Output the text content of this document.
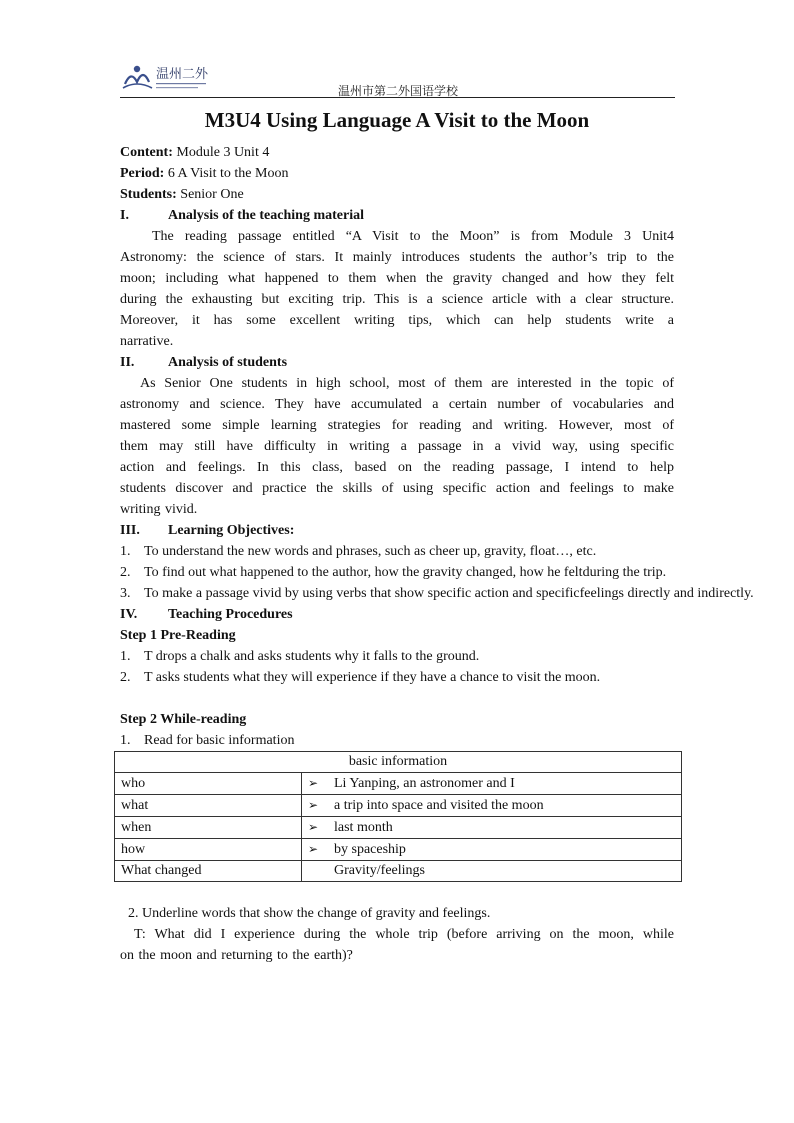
温州二外
温州市第二外国语学校
M3U4 Using Language A Visit to the Moon
Content: Module 3 Unit 4
Period: 6 A Visit to the Moon
Students: Senior One
I.	Analysis of the teaching material
The reading passage entitled “A Visit to the Moon” is from Module 3 Unit4
Astronomy: the science of stars. It mainly introduces students the author’s trip to the
moon; including what happened to them when the gravity changed and how they felt
during the exhausting but exciting trip. This is a science article with a clear structure.
Moreover, it has some excellent writing tips, which can help students write a
narrative.
II.	Analysis of students
As Senior One students in high school, most of them are interested in the topic of
astronomy and science. They have accumulated a certain number of vocabularies and
mastered some simple learning strategies for reading and writing. However, most of
them may still have difficulty in writing a passage in a vivid way, using specific
action and feelings. In this class, based on the reading passage, I intend to help
students discover and practice the skills of using specific action and feelings to make
writing vivid.
III.	Learning Objectives:
1. To understand the new words and phrases, such as cheer up, gravity, float…, etc.
2. To find out what happened to the author, how the gravity changed, how he feltduring the trip.
3. To make a passage vivid by using verbs that show specific action and specificfeelings directly and indirectly.
IV.	Teaching Procedures
Step 1 Pre-Reading
1. T drops a chalk and asks students why it falls to the ground.
2. T asks students what they will experience if they have a chance to visit the moon.
Step 2 While-reading
1. Read for basic information
basic information	
who	➢ Li Yanping, an astronomer and I
what	➢ a trip into space and visited the moon
when	➢ last month
how	➢ by spaceship
What changed	Gravity/feelings
2. Underline words that show the change of gravity and feelings.
T: What did I experience during the whole trip (before arriving on the moon, while
on the moon and returning to the earth)?
